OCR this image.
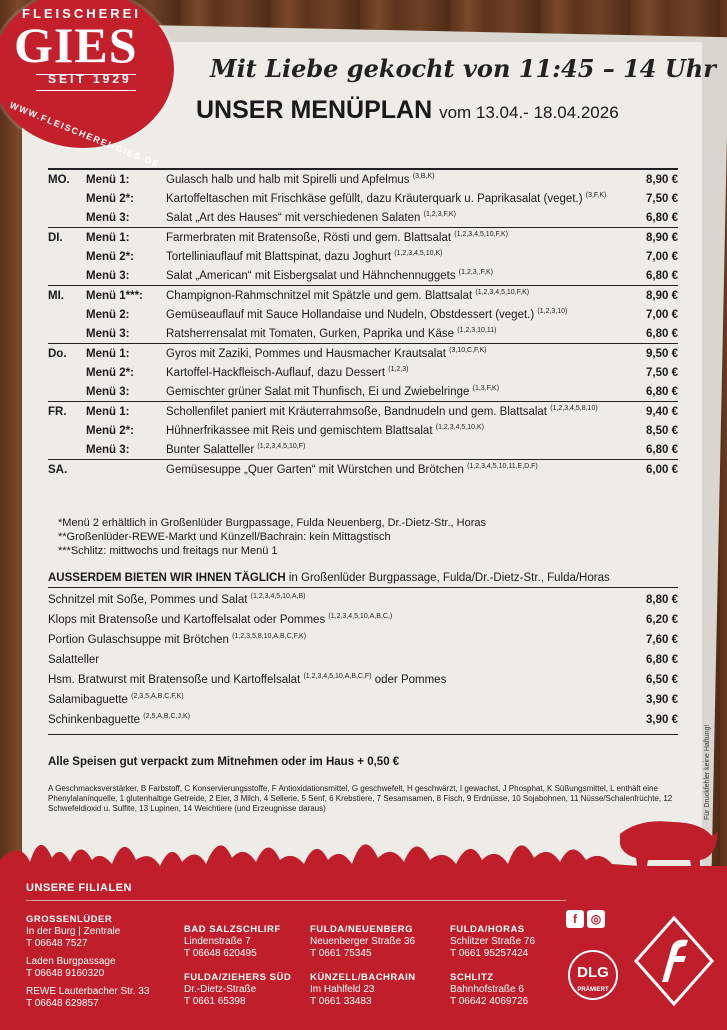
FLEISCHEREI
GIES
SEIT 1929
WWW.FLEISCHEREI-GIES.DE
Mit Liebe gekocht von 11:45 – 14 Uhr
UNSER MENÜPLAN vom 13.04.- 18.04.2026
MO.	Menü 1:	Gulasch halb und halb mit Spirelli und Apfelmus $^{(3,B,K)}$	8,90 €
Menü 2*:	Kartoffeltaschen mit Frischkäse gefüllt, dazu Kräuterquark u. Paprikasalat (veget.) $^{(3,F,K)}$	7,50 €
Menü 3:	Salat „Art des Hauses“ mit verschiedenen Salaten $^{(1,2,3,F,K)}$	6,80 €
DI.	Menü 1:	Farmerbraten mit Bratensoße, Rösti und gem. Blattsalat $^{(1,2,3,4,5,10,F,K)}$	8,90 €
Menü 2*:	Tortelliniauflauf mit Blattspinat, dazu Joghurt $^{(1,2,3,4,5,10,K)}$	7,00 €
Menü 3:	Salat „American“ mit Eisbergsalat und Hähnchennuggets $^{(1,2,3,,F,K)}$	6,80 €
MI.	Menü 1***:	Champignon-Rahmschnitzel mit Spätzle und gem. Blattsalat $^{(1,2,3,4,5,10,F,K)}$	8,90 €
Menü 2:	Gemüseauflauf mit Sauce Hollandaise und Nudeln, Obstdessert (veget.) $^{(1,2,3,10)}$	7,00 €
Menü 3:	Ratsherrensalat mit Tomaten, Gurken, Paprika und Käse $^{(1,2,3,10,11)}$	6,80 €
Do.	Menü 1:	Gyros mit Zaziki, Pommes und Hausmacher Krautsalat $^{(3,10,C,F,K)}$	9,50 €
Menü 2*:	Kartoffel-Hackfleisch-Auflauf, dazu Dessert $^{(1,2,3)}$	7,50 €
Menü 3:	Gemischter grüner Salat mit Thunfisch, Ei und Zwiebelringe $^{(1,3,F,K)}$	6,80 €
FR.	Menü 1:	Schollenfilet paniert mit Kräuterrahmsoße, Bandnudeln und gem. Blattsalat $^{(1,2,3,4,5,8,10)}$	9,40 €
Menü 2*:	Hühnerfrikassee mit Reis und gemischtem Blattsalat $^{(1,2,3,4,5,10,K)}$	8,50 €
Menü 3:	Bunter Salatteller $^{(1,2,3,4,5,10,F)}$	6,80 €
SA.	Gemüsesuppe „Quer Garten“ mit Würstchen und Brötchen $^{(1,2,3,4,5,10,11,E,D,F)}$	6,00 €
*Menü 2 erhältlich in Großenlüder Burgpassage, Fulda Neuenberg, Dr.-Dietz-Str., Horas
**Großenlüder-REWE-Markt und Künzell/Bachrain: kein Mittagstisch
***Schlitz: mittwochs und freitags nur Menü 1
AUSSERDEM BIETEN WIR IHNEN TÄGLICH in Großenlüder Burgpassage, Fulda/Dr.-Dietz-Str., Fulda/Horas
Schnitzel mit Soße, Pommes und Salat $^{(1,2,3,4,5,10,A,B)}$	8,80 €
Klops mit Bratensoße und Kartoffelsalat oder Pommes $^{(1,2,3,4,5,10,A,B,C,)}$	6,20 €
Portion Gulaschsuppe mit Brötchen $^{(1,2,3,5,8,10,A,B,C,F,K)}$	7,60 €
Salatteller	6,80 €
Hsm. Bratwurst mit Bratensoße und Kartoffelsalat $^{(1,2,3,4,5,10,A,B,C,F)}$ oder Pommes	6,50 €
Salamibaguette $^{(2,3,5,A,B,C,F,K)}$	3,90 €
Schinkenbaguette $^{(2,5,A,B,C,J,K)}$	3,90 €
Alle Speisen gut verpackt zum Mitnehmen oder im Haus + 0,50 €
A Geschmacksverstärker, B Farbstoff, C Konservierungsstoffe, F Antioxidationsmittel, G geschwefelt, H geschwärzt, I gewachst, J Phosphat, K Süßungsmittel, L enthält eine Phenylalaninquelle, 1 glutenhaltige Getreide, 2 Eier, 3 Milch, 4 Sellerie, 5 Senf, 6 Krebstiere, 7 Sesamsamen, 8 Fisch, 9 Erdnüsse, 10 Sojabohnen, 11 Nüsse/Schalenfrüchte, 12 Schwefeldioxid u. Sulfite, 13 Lupinen, 14 Weichtiere (und Erzeugnisse daraus)	Für Druckfehler keine Haftung!
UNSERE FILIALEN
GROSSENLÜDER
In der Burg | Zentrale
T 06648 7527
Laden Burgpassage
T 06648 9160320
REWE Lauterbacher Str. 33
T 06648 629857
BAD SALZSCHLIRF
Lindenstraße 7
T 06648 620495
FULDA/NEUENBERG
Neuenberger Straße 36
T 0661 75345
FULDA/HORAS
Schlitzer Straße 76
T 0661 95257424
FULDA/ZIEHERS SÜD
Dr.-Dietz-Straße
T 0661 65398
KÜNZELL/BACHRAIN
Im Hahlfeld 23
T 0661 33483
SCHLITZ
Bahnhofstraße 6
T 06642 4069726
f	◎
DLG
PRÄMIERT
